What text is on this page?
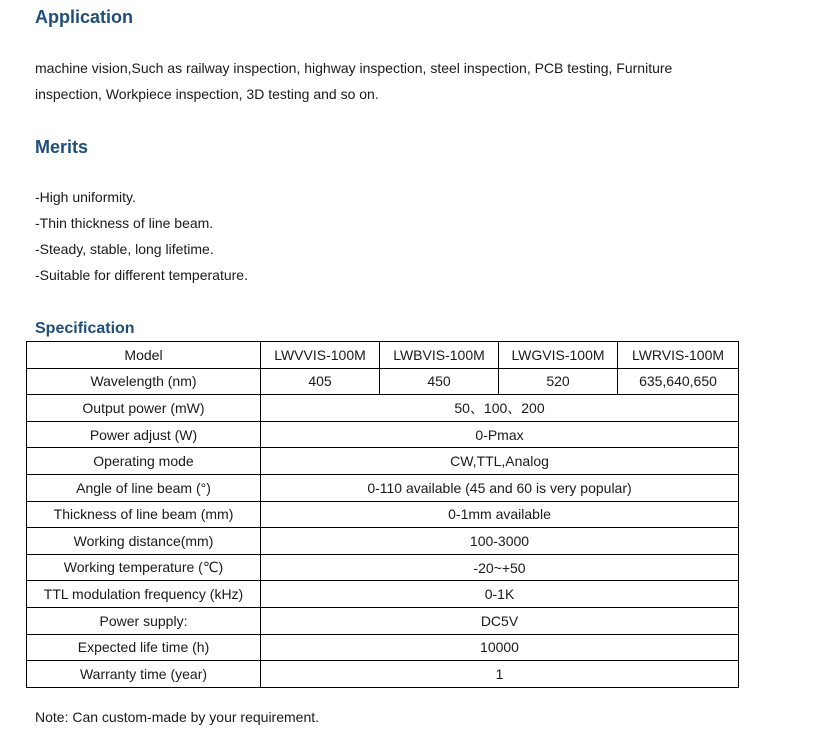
Application

machine vision,Such as railway inspection, highway inspection, steel inspection, PCB testing, Furniture
inspection, Workpiece inspection, 3D testing and so on.

Merits
-High uniformity.
-Thin thickness of line beam.
-Steady, stable, long lifetime.
-Suitable for different temperature.
Specification
Model	LWVVIS-100M	LWBVIS-100M	LWGVIS-100M	LWRVIS-100M
Wavelength (nm)	405	450	520	635,640,650
Output power (mW)	50、100、200			
Power adjust (W)	0-Pmax			
Operating mode	CW,TTL,Analog			
Angle of line beam (°)	0-110 available (45 and 60 is very popular)			
Thickness of line beam (mm)	0-1mm available			
Working distance(mm)	100-3000			
Working temperature (℃)	-20~+50			
TTL modulation frequency (kHz)	0-1K			
Power supply:	DC5V			
Expected life time (h)	10000			
Warranty time (year)	1			

Note: Can custom-made by your requirement.
